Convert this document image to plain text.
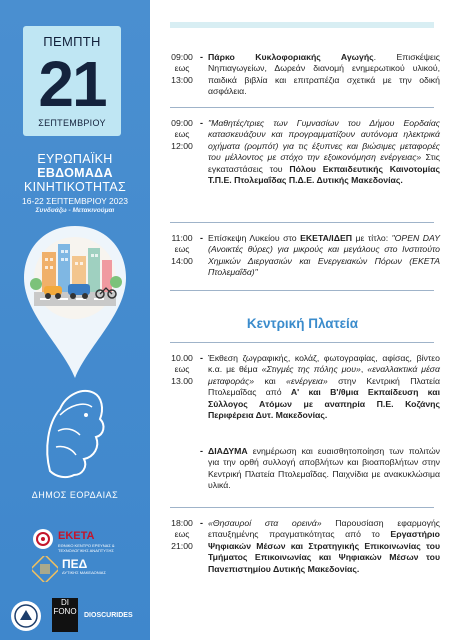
ΠΕΜΠΤΗ
21
ΣΕΠΤΕΜΒΡΙΟΥ
ΕΥΡΩΠΑΪΚΗ
ΕΒΔΟΜΑΔΑ
ΚΙΝΗΤΙΚΟΤΗΤΑΣ
16-22 ΣΕΠΤΕΜΒΡΙΟΥ 2023
Συνδυάζω - Μετακινούμαι
ΔΗΜΟΣ ΕΟΡΔΑΙΑΣ
ΕΚΕΤΑ
ΕΘΝΙΚΟ ΚΕΝΤΡΟ ΕΡΕΥΝΑΣ & ΤΕΧΝΟΛΟΓΙΚΗΣ ΑΝΑΠΤΥΞΗΣ
ΠΕΔ
ΔΥΤΙΚΗΣ ΜΑΚΕΔΟΝΙΑΣ
DI FONO DIOSCURIDES
09:00
εως
13:00
- Πάρκο Κυκλοφοριακής Αγωγής. Επισκέψεις Νηπιαγωγείων, Δωρεάν διανομή ενημερωτικού υλικού, παιδικά βιβλία και επιτραπέζια σχετικά με την οδική ασφάλεια.
09:00
εως
12:00
- "Μαθητές/τριες των Γυμνασίων του Δήμου Εορδαίας κατασκευάζουν και προγραμματίζουν αυτόνομα ηλεκτρικά οχήματα (ρομπότ) για τις έξυπνες και βιώσιμες μεταφορές του μέλλοντος με στόχο την εξοικονόμηση ενέργειας» Στις εγκαταστάσεις του Πόλου Εκπαιδευτικής Καινοτομίας Τ.Π.Ε. Πτολεμαΐδας Π.Δ.Ε. Δυτικής Μακεδονίας.
11:00
εως
14:00
- Επίσκεψη Λυκείου στο ΕΚΕΤΑ/ΙΔΕΠ με τίτλο: "OPEN DAY (Ανοικτές θύρες) για μικρούς και μεγάλους στο Ινστιτούτο Χημικών Διεργασιών και Ενεργειακών Πόρων (ΕΚΕΤΑ Πτολεμαΐδα)"
Κεντρική Πλατεία
10.00
εως
13.00
- Έκθεση ζωγραφικής, κολάζ, φωτογραφίας, αφίσας, βίντεο κ.α. με θέμα «Στιγμές της πόλης μου», «εναλλακτικά μέσα μεταφοράς» και «ενέργεια» στην Κεντρική Πλατεία Πτολεμαΐδας από Α' και Β'/θμια Εκπαίδευση και Σύλλογος Ατόμων με αναπηρία Π.Ε. Κοζάνης Περιφέρεια Δυτ. Μακεδονίας.
- ΔΙΑΔΥΜΑ ενημέρωση και ευαισθητοποίηση των πολιτών για την ορθή συλλογή αποβλήτων και βιοαποβλήτων στην Κεντρική Πλατεία Πτολεμαΐδας. Παιχνίδια με ανακυκλώσιμα υλικά.
18:00
εως
21:00
- «Θησαυροί στα ορεινά» Παρουσίαση εφαρμογής επαυξημένης πραγματικότητας από το Εργαστήριο Ψηφιακών Μέσων και Στρατηγικής Επικοινωνίας του Τμήματος Επικοινωνίας και Ψηφιακών Μέσων του Πανεπιστημίου Δυτικής Μακεδονίας.
